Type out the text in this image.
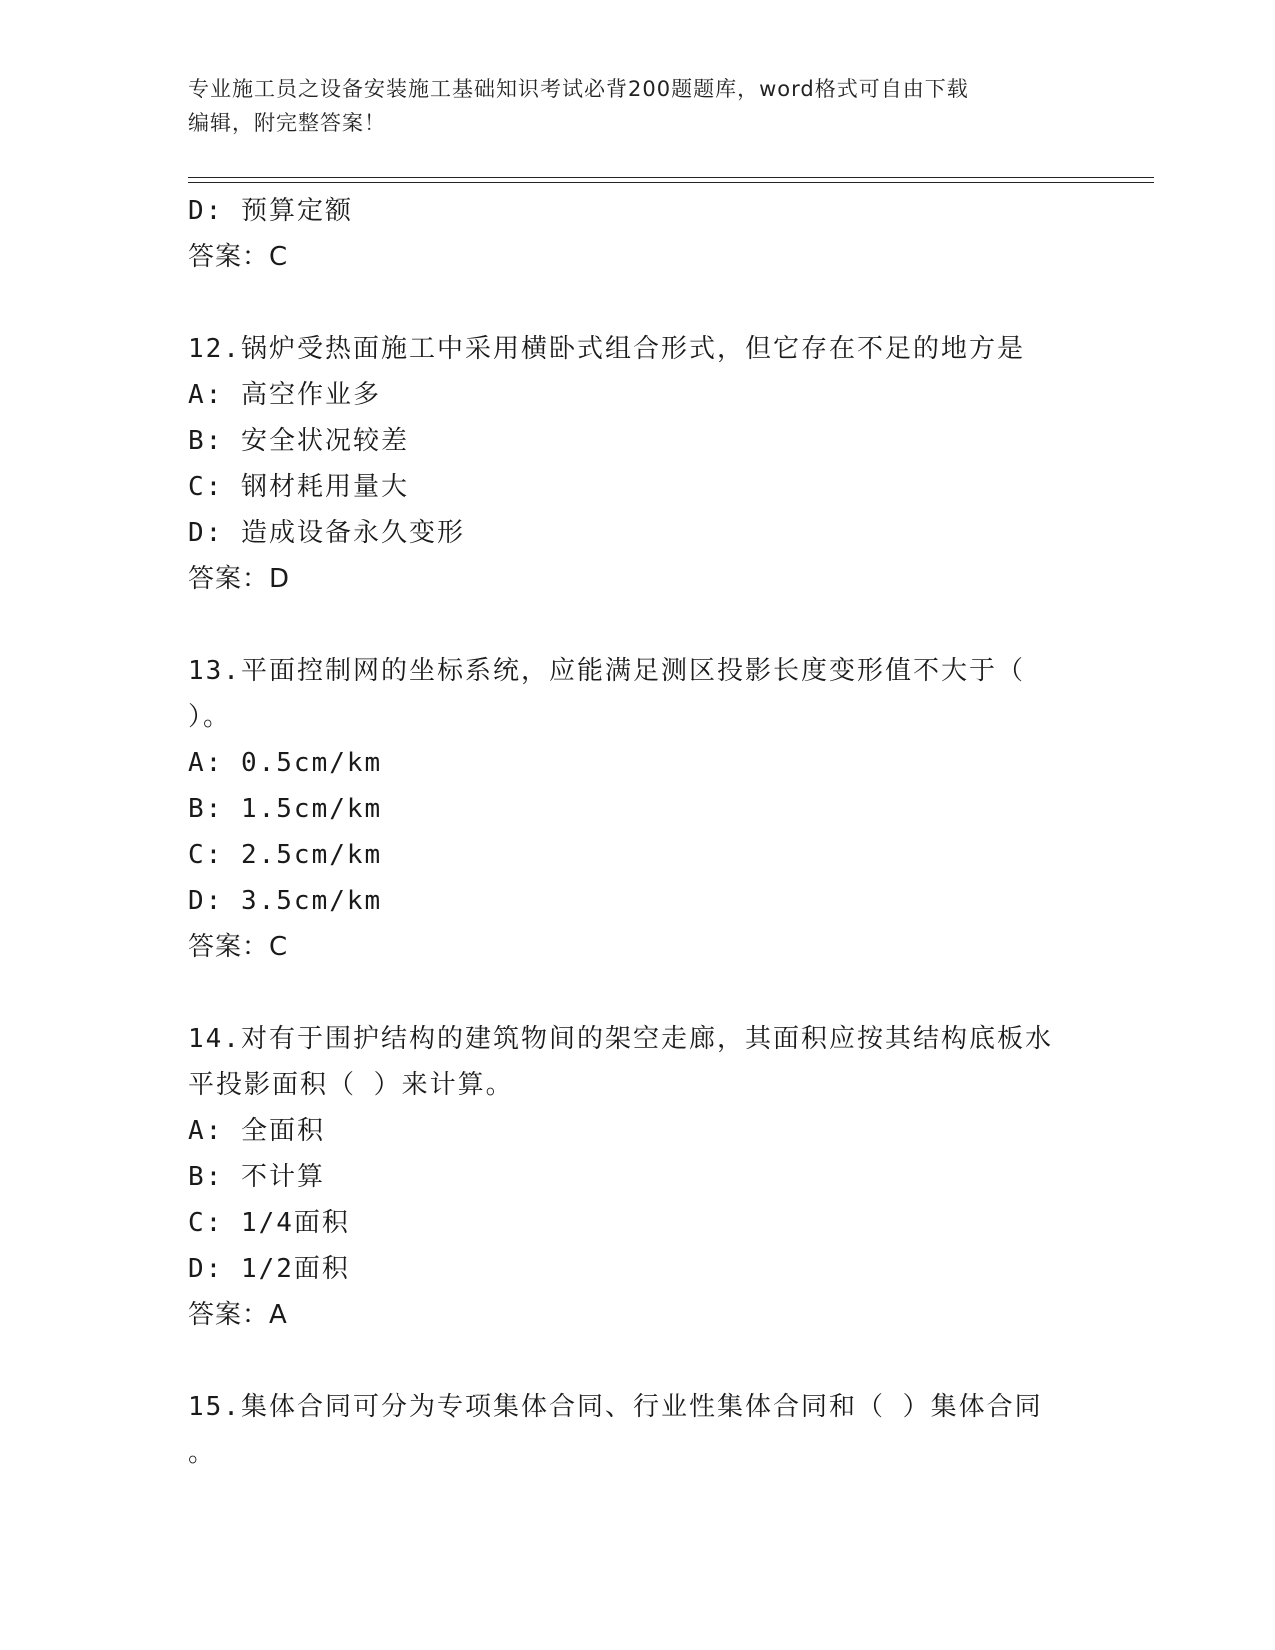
专业施工员之设备安装施工基础知识考试必背200题题库，word格式可自由下载
编辑，附完整答案！
D: 预算定额
答案：C
12.锅炉受热面施工中采用横卧式组合形式，但它存在不足的地方是
A: 高空作业多
B: 安全状况较差
C: 钢材耗用量大
D: 造成设备永久变形
答案：D
13.平面控制网的坐标系统，应能满足测区投影长度变形值不大于（
）。
A: 0.5cm/km
B: 1.5cm/km
C: 2.5cm/km
D: 3.5cm/km
答案：C
14.对有于围护结构的建筑物间的架空走廊，其面积应按其结构底板水
平投影面积（ ）来计算。
A: 全面积
B: 不计算
C: 1/4面积
D: 1/2面积
答案：A
15.集体合同可分为专项集体合同、行业性集体合同和（ ）集体合同
。
